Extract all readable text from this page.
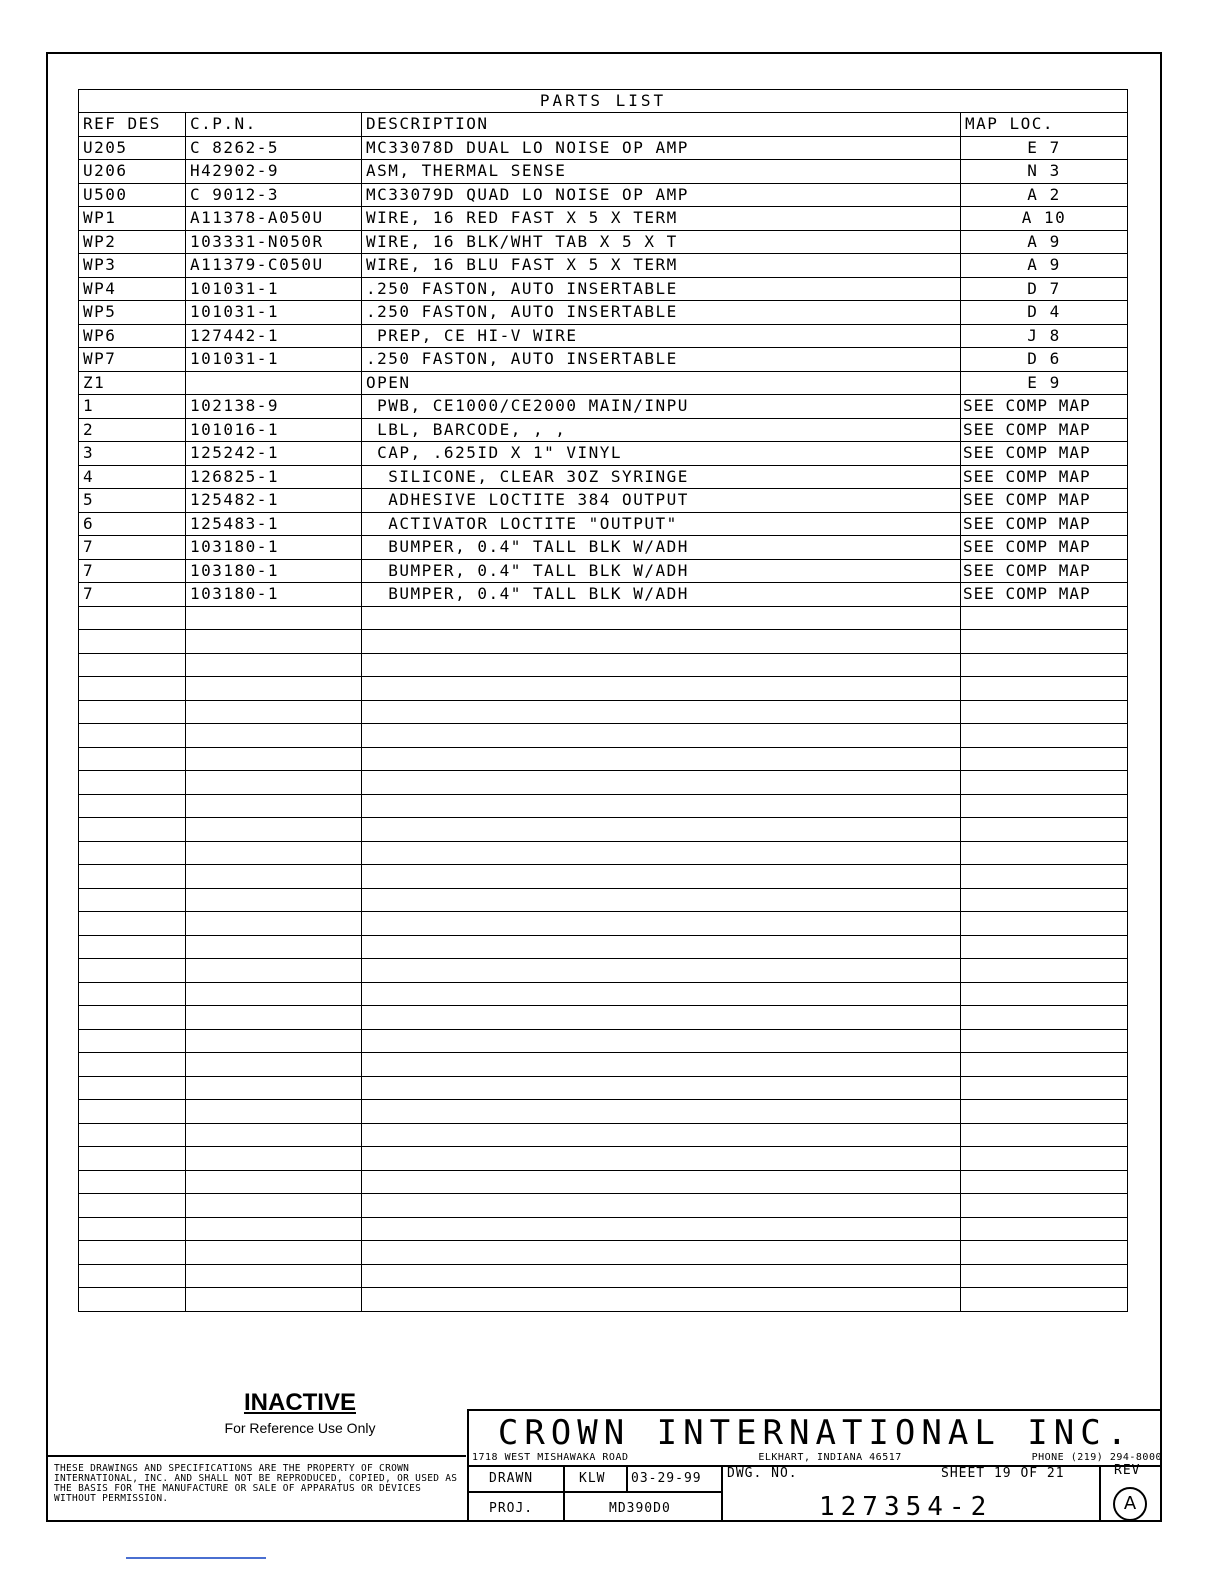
PARTS LIST			
REF DES	C.P.N.	DESCRIPTION	MAP LOC.
U205	C 8262-5	MC33078D DUAL LO NOISE OP AMP	E 7
U206	H42902-9	ASM, THERMAL SENSE	N 3
U500	C 9012-3	MC33079D QUAD LO NOISE OP AMP	A 2
WP1	A11378-A050U	WIRE, 16 RED FAST X 5 X TERM	A 10
WP2	103331-N050R	WIRE, 16 BLK/WHT TAB X 5 X T	A 9
WP3	A11379-C050U	WIRE, 16 BLU FAST X 5 X TERM	A 9
WP4	101031-1	.250 FASTON, AUTO INSERTABLE	D 7
WP5	101031-1	.250 FASTON, AUTO INSERTABLE	D 4
WP6	127442-1	PREP, CE HI-V WIRE	J 8
WP7	101031-1	.250 FASTON, AUTO INSERTABLE	D 6
Z1		OPEN	E 9
1	102138-9	PWB, CE1000/CE2000 MAIN/INPU	SEE COMP MAP
2	101016-1	LBL, BARCODE, , ,	SEE COMP MAP
3	125242-1	CAP, .625ID X 1" VINYL	SEE COMP MAP
4	126825-1	SILICONE, CLEAR 3OZ SYRINGE	SEE COMP MAP
5	125482-1	ADHESIVE LOCTITE 384 OUTPUT	SEE COMP MAP
6	125483-1	ACTIVATOR LOCTITE "OUTPUT"	SEE COMP MAP
7	103180-1	BUMPER, 0.4" TALL BLK W/ADH	SEE COMP MAP
7	103180-1	BUMPER, 0.4" TALL BLK W/ADH	SEE COMP MAP
7	103180-1	BUMPER, 0.4" TALL BLK W/ADH	SEE COMP MAP

INACTIVE
For Reference Use Only
THESE DRAWINGS AND SPECIFICATIONS ARE THE PROPERTY OF CROWN INTERNATIONAL, INC. AND SHALL NOT BE REPRODUCED, COPIED, OR USED AS THE BASIS FOR THE MANUFACTURE OR SALE OF APPARATUS OR DEVICES WITHOUT PERMISSION.
CROWN INTERNATIONAL INC.
1718 WEST MISHAWAKA ROAD	ELKHART, INDIANA 46517	PHONE (219) 294-8000
DRAWN	KLW 03-29-99 DWG. NO.	SHEET 19 OF 21	REV
PROJ.	MD390D0	127354-2	A
